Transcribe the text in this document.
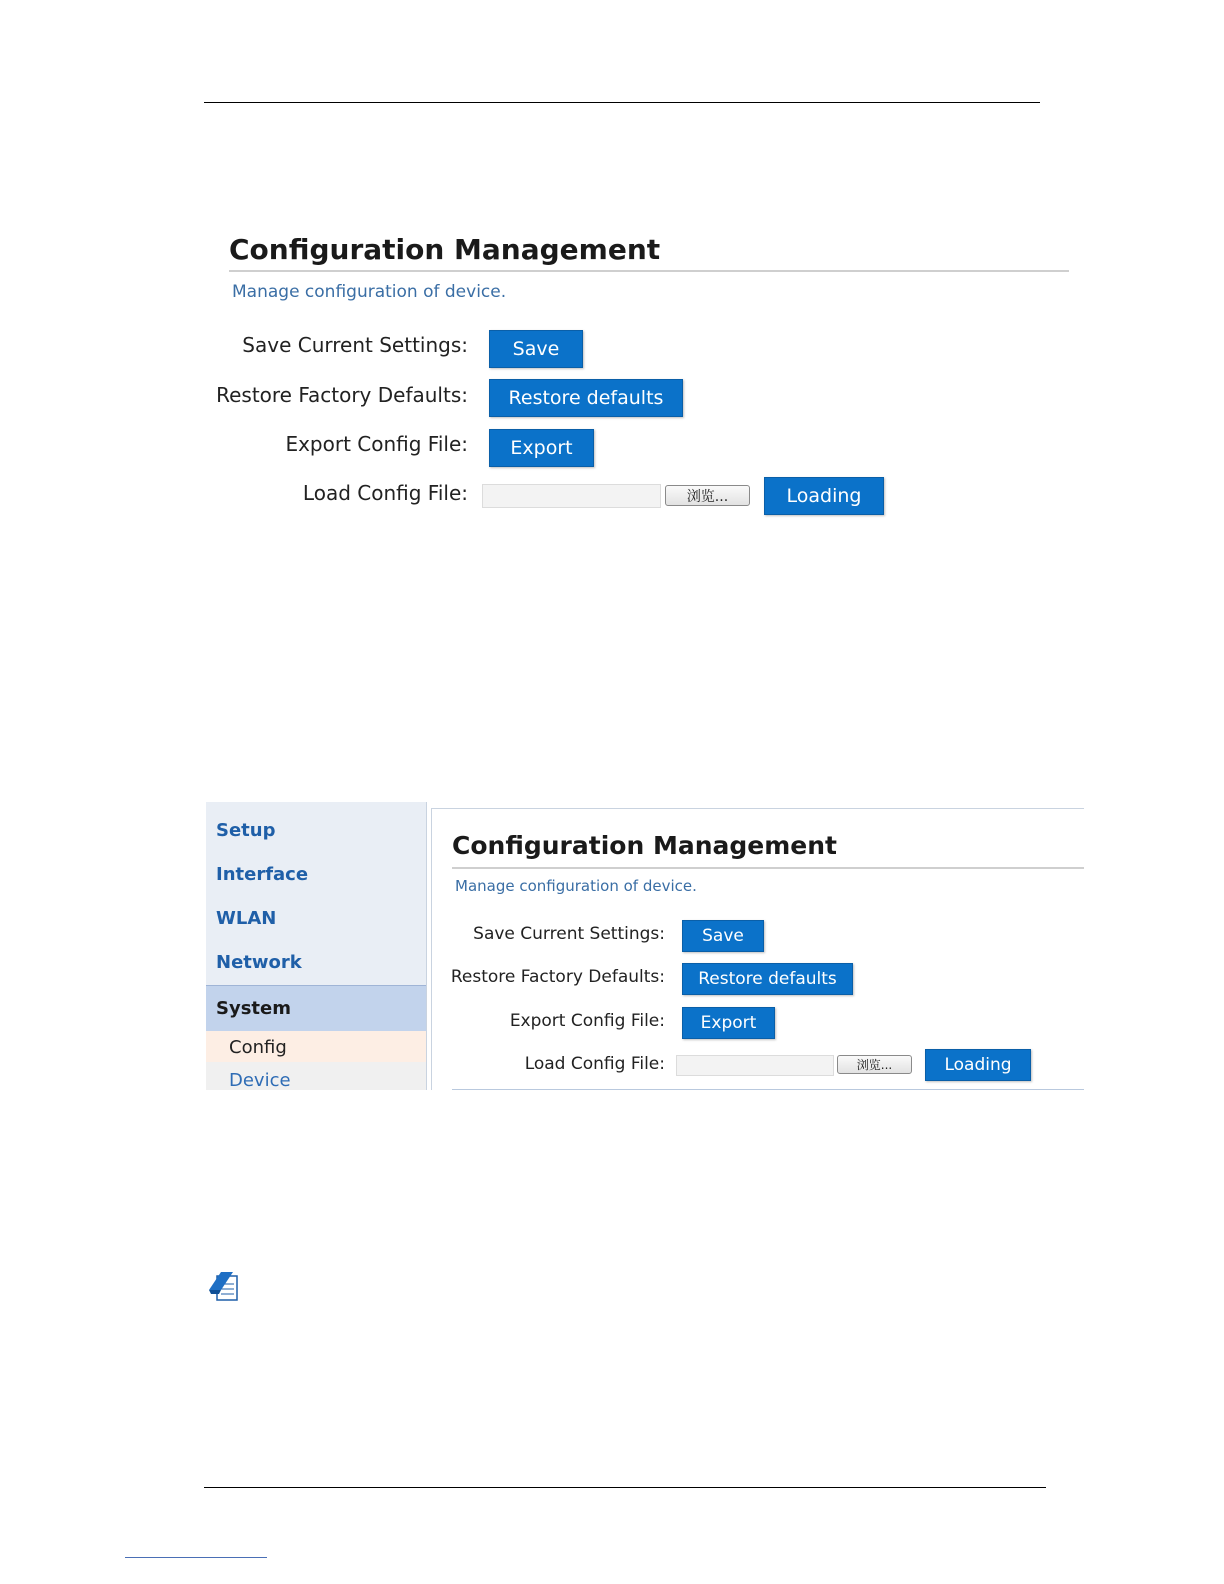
Configuration Management
Manage configuration of device.
Save Current Settings:	Save
Restore Factory Defaults:	Restore defaults
Export Config File:	Export
Load Config File:	浏览...	Loading
Setup
Interface
WLAN
Network
System
Config
Device
Configuration Management
Manage configuration of device.
Save Current Settings:	Save
Restore Factory Defaults:	Restore defaults
Export Config File:	Export
Load Config File:	浏览...	Loading
